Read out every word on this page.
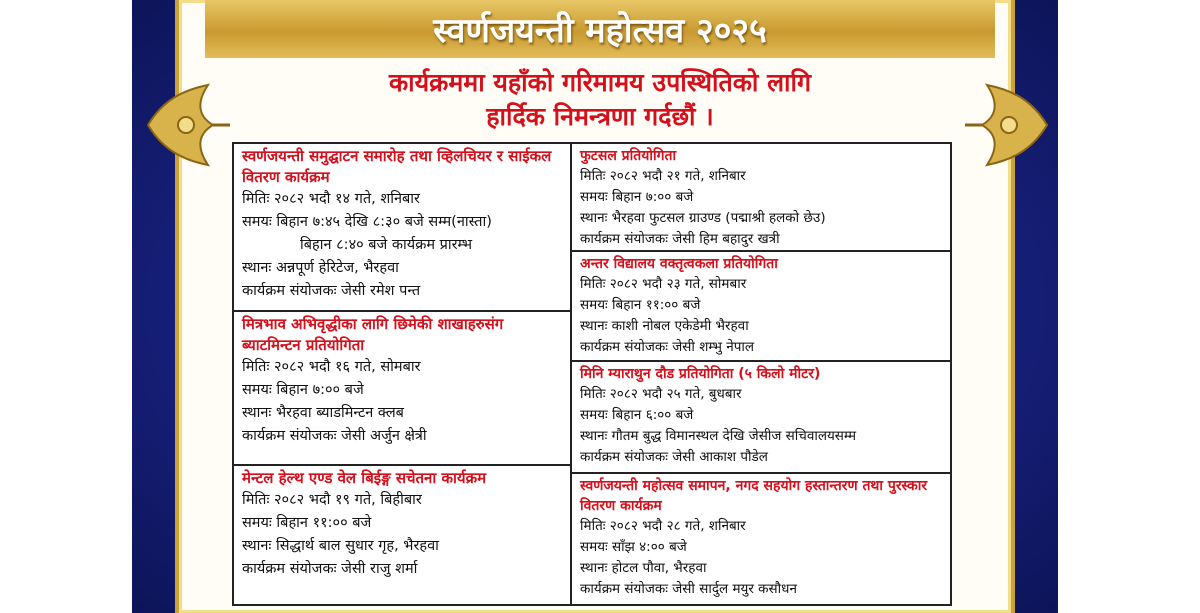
स्वर्णजयन्ती महोत्सव २०२५
कार्यक्रममा यहाँको गरिमामय उपस्थितिको लागि
हार्दिक निमन्त्रणा गर्दछौं ।
स्वर्णजयन्ती समुद्घाटन समारोह तथा व्हिलचियर र साईकल वितरण कार्यक्रम
मितिः २०८२ भदौ १४ गते, शनिबार
समयः बिहान ७:४५ देखि ८:३० बजे सम्म(नास्ता)
बिहान ८:४० बजे कार्यक्रम प्रारम्भ
स्थानः अन्नपूर्ण हेरिटेज, भैरहवा
कार्यक्रम संयोजकः जेसी रमेश पन्त
मित्रभाव अभिवृद्धीका लागि छिमेकी शाखाहरुसंग ब्याटमिन्टन प्रतियोगिता
मितिः २०८२ भदौ १६ गते, सोमबार
समयः बिहान ७:०० बजे
स्थानः भैरहवा ब्याडमिन्टन क्लब
कार्यक्रम संयोजकः जेसी अर्जुन क्षेत्री
मेन्टल हेल्थ एण्ड वेल बिईङ्ग सचेतना कार्यक्रम
मितिः २०८२ भदौ १९ गते, बिहीबार
समयः बिहान ११:०० बजे
स्थानः सिद्धार्थ बाल सुधार गृह, भैरहवा
कार्यक्रम संयोजकः जेसी राजु शर्मा
फुटसल प्रतियोगिता
मितिः २०८२ भदौ २१ गते, शनिबार
समयः बिहान ७:०० बजे
स्थानः भैरहवा फुटसल ग्राउण्ड (पद्माश्री हलको छेउ)
कार्यक्रम संयोजकः जेसी हिम बहादुर खत्री
अन्तर विद्यालय वक्तृत्वकला प्रतियोगिता
मितिः २०८२ भदौ २३ गते, सोमबार
समयः बिहान ११:०० बजे
स्थानः काशी नोबल एकेडेमी भैरहवा
कार्यक्रम संयोजकः जेसी शम्भु नेपाल
मिनि म्याराथुन दौड प्रतियोगिता (५ किलो मीटर)
मितिः २०८२ भदौ २५ गते, बुधबार
समयः बिहान ६:०० बजे
स्थानः गौतम बुद्ध विमानस्थल देखि जेसीज सचिवालयसम्म
कार्यक्रम संयोजकः जेसी आकाश पौडेल
स्वर्णजयन्ती महोत्सव समापन, नगद सहयोग हस्तान्तरण तथा पुरस्कार वितरण कार्यक्रम
मितिः २०८२ भदौ २८ गते, शनिबार
समयः साँझ ४:०० बजे
स्थानः होटल पौवा, भैरहवा
कार्यक्रम संयोजकः जेसी सार्दुल मयुर कसौधन
